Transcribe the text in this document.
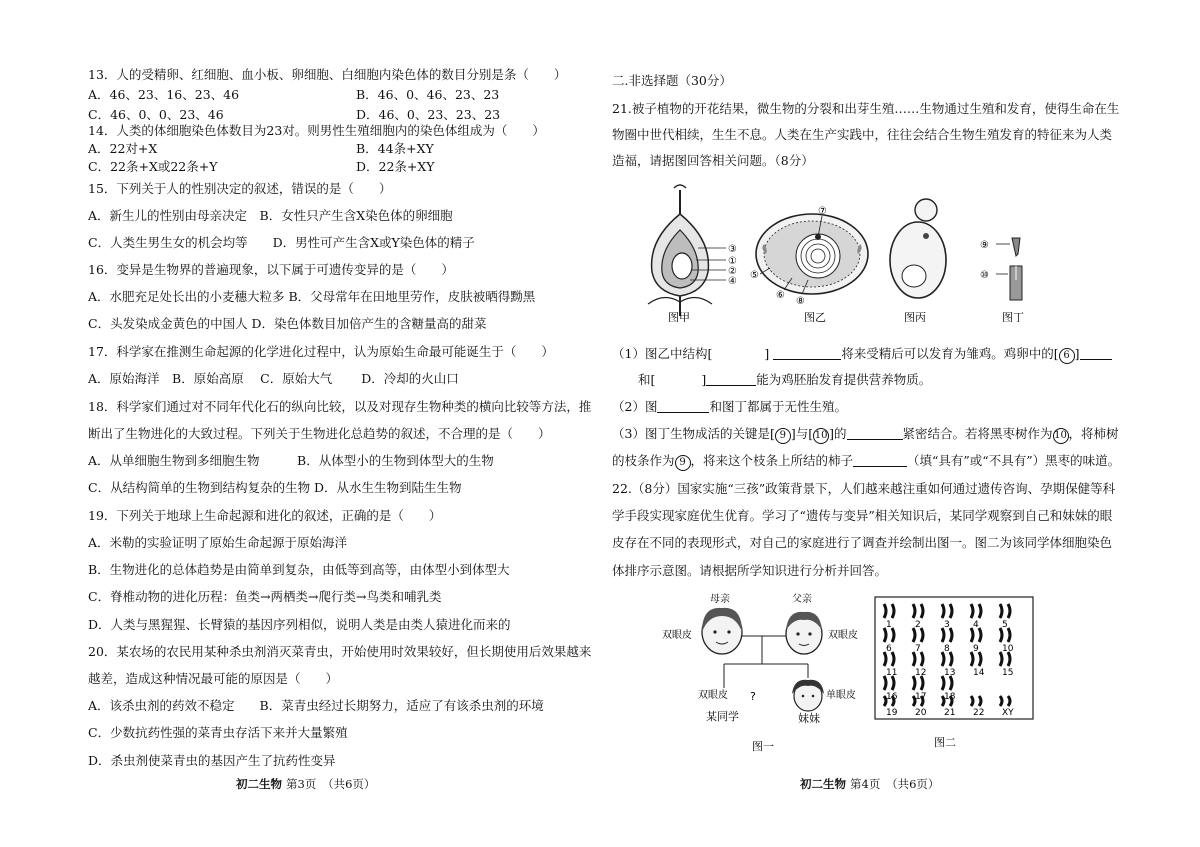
13．人的受精卵、红细胞、血小板、卵细胞、白细胞内染色体的数目分别是条（　　）
A．46、23、16、23、46	B．46、0、46、23、23
C．46、0、0、23、46	D．46、0、23、23、23
14．人类的体细胞染色体数目为23对。则男性生殖细胞内的染色体组成为（　　）
A．22对+X	B．44条+XY
C．22条+X或22条+Y	D．22条+XY
15．下列关于人的性别决定的叙述，错误的是（　　）
A．新生儿的性别由母亲决定　B．女性只产生含X染色体的卵细胞
C．人类生男生女的机会均等　　D．男性可产生含X或Y染色体的精子
16．变异是生物界的普遍现象，以下属于可遗传变异的是（　　）
A．水肥充足处长出的小麦穗大粒多 B．父母常年在田地里劳作，皮肤被晒得黝黑
C．头发染成金黄色的中国人 D．染色体数目加倍产生的含糖量高的甜菜
17．科学家在推测生命起源的化学进化过程中，认为原始生命最可能诞生于（　　）
A．原始海洋　B．原始高原　 C．原始大气　　 D．冷却的火山口
18．科学家们通过对不同年代化石的纵向比较，以及对现存生物种类的横向比较等方法，推
断出了生物进化的大致过程。下列关于生物进化总趋势的叙述，不合理的是（　　）
A．从单细胞生物到多细胞生物　　　B．从体型小的生物到体型大的生物
C．从结构简单的生物到结构复杂的生物 D．从水生生物到陆生生物
19．下列关于地球上生命起源和进化的叙述，正确的是（　　）
A．米勒的实验证明了原始生命起源于原始海洋
B．生物进化的总体趋势是由简单到复杂，由低等到高等，由体型小到体型大
C．脊椎动物的进化历程：鱼类→两栖类→爬行类→鸟类和哺乳类
D．人类与黑猩猩、长臂猿的基因序列相似，说明人类是由类人猿进化而来的
20．某农场的农民用某种杀虫剂消灭菜青虫，开始使用时效果较好，但长期使用后效果越来
越差，造成这种情况最可能的原因是（　　）
A．该杀虫剂的药效不稳定　　B．菜青虫经过长期努力，适应了有该杀虫剂的环境
C．少数抗药性强的菜青虫存活下来并大量繁殖
D．杀虫剂使菜青虫的基因产生了抗药性变异
初二生物 第3页　（共6页）
二.非选择题（30分）
21.被子植物的开花结果，微生物的分裂和出芽生殖……生物通过生殖和发育，使得生命在生
物圈中世代相续，生生不息。人类在生产实践中，往往会结合生物生殖发育的特征来为人类
造福，请据图回答相关问题。（8分）
③
①
②
④
图甲
⑦
⑤
⑥
⑧
图乙	图丙
⑨
⑩
图丁
（1）图乙中结构[	]	将来受精后可以发育为雏鸡。鸡卵中的[ 6 ]
和[	]	能为鸡胚胎发育提供营养物质。
（2）图	和图丁都属于无性生殖。
（3）图丁生物成活的关键是[ 9 ]与[ 10 ]的	紧密结合。若将黑枣树作为 10 ，将柿树
的枝条作为 9 ，将来这个枝条上所结的柿子	（填“具有”或“不具有”）黑枣的味道。
22.（8分）国家实施“三孩”政策背景下，人们越来越注重如何通过遗传咨询、孕期保健等科
学手段实现家庭优生优育。学习了“遗传与变异”相关知识后，某同学观察到自己和妹妹的眼
皮存在不同的表现形式，对自己的家庭进行了调查并绘制出图一。图二为该同学体细胞染色
体排序示意图。请根据所学知识进行分析并回答。
母亲	父亲
双眼皮	双眼皮
双眼皮 ?	单眼皮
某同学	妹妹
图一
1	2	3	4	5
6	7	8	9	10
11 12 13 14 15
16 17 18
19 20 21 22 XY
图二
初二生物 第4页　（共6页）
